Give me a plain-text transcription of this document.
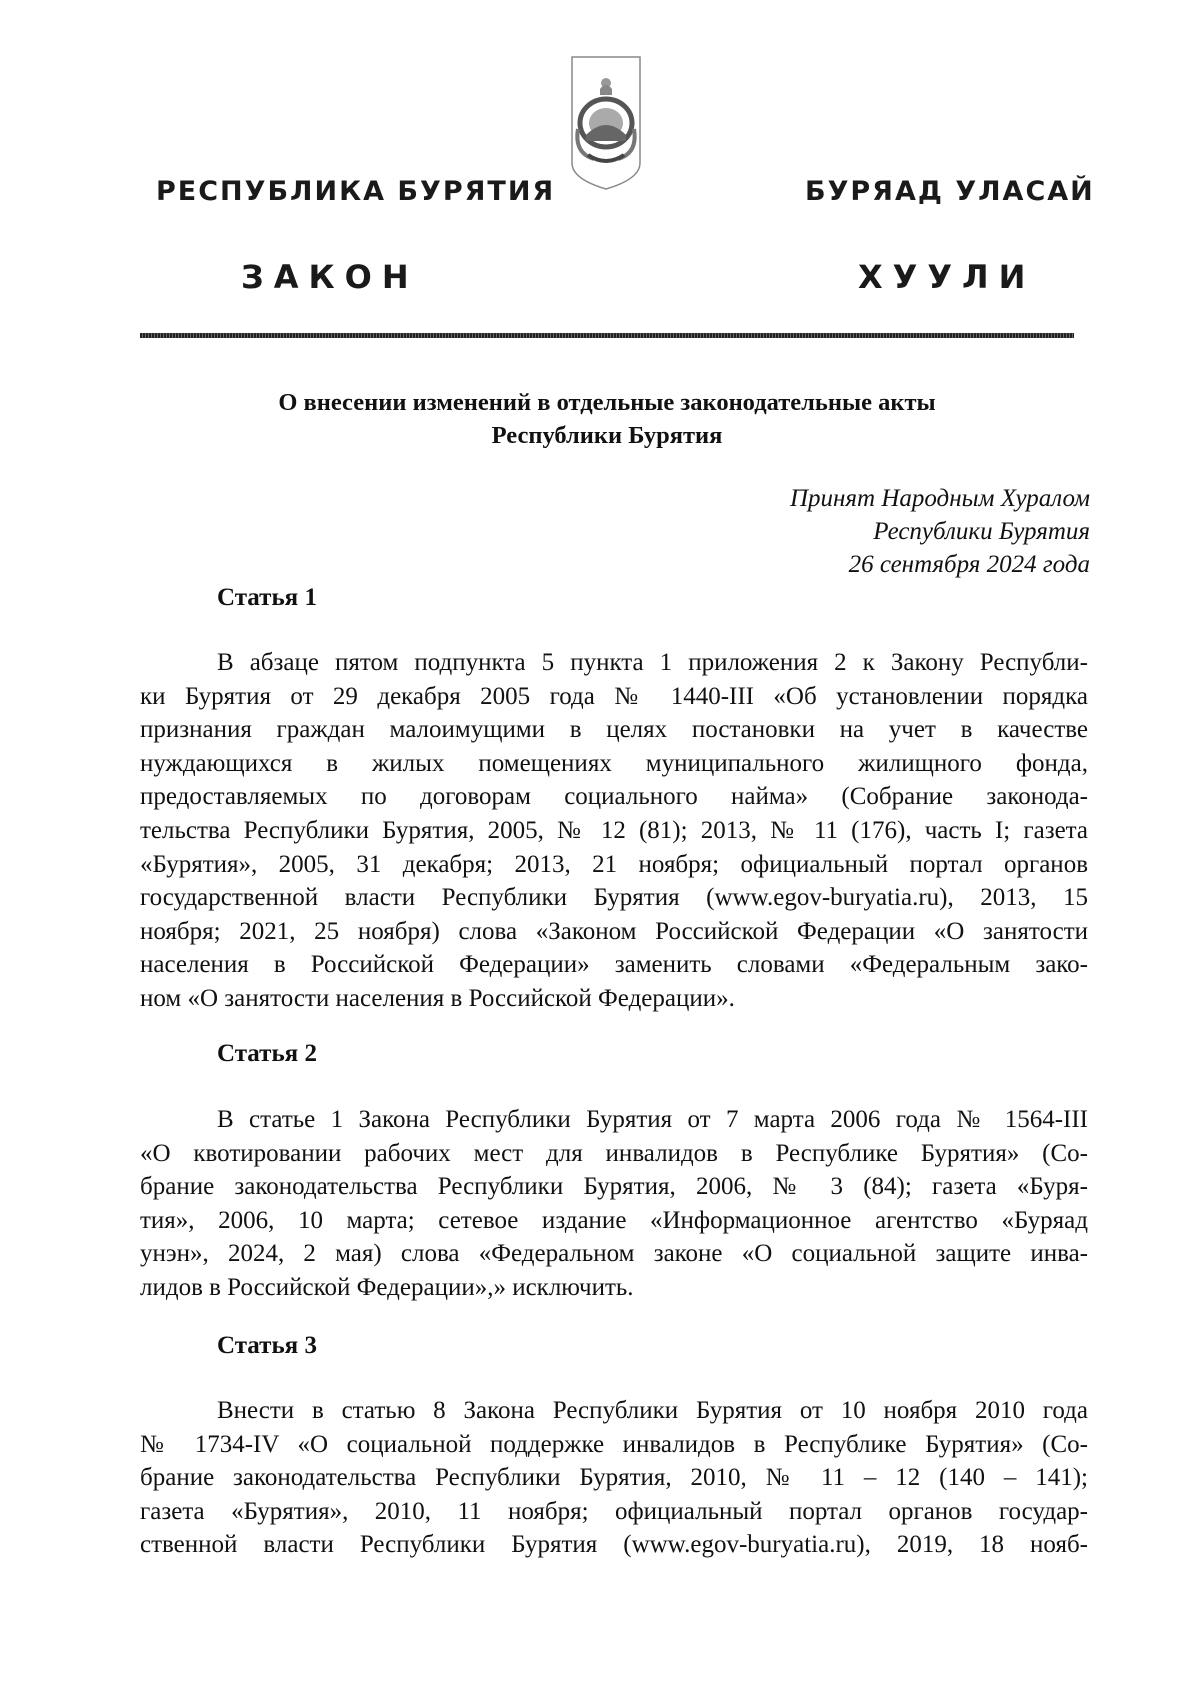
РЕСПУБЛИКА БУРЯТИЯ	БУРЯАД УЛАСАЙ
ЗАКОН	ХУУЛИ
О внесении изменений в отдельные законодательные акты
Республики Бурятия
Принят Народным Хуралом
Республики Бурятия
26 сентября 2024 года
Статья 1
В абзаце пятом подпункта 5 пункта 1 приложения 2 к Закону Республи-
ки Бурятия от 29 декабря 2005 года № 1440-III «Об установлении порядка
признания граждан малоимущими в целях постановки на учет в качестве
нуждающихся в жилых помещениях муниципального жилищного фонда,
предоставляемых по договорам социального найма» (Собрание законода-
тельства Республики Бурятия, 2005, № 12 (81); 2013, № 11 (176), часть I; газета
«Бурятия», 2005, 31 декабря; 2013, 21 ноября; официальный портал органов
государственной власти Республики Бурятия (www.egov-buryatia.ru), 2013, 15
ноября; 2021, 25 ноября) слова «Законом Российской Федерации «О занятости
населения в Российской Федерации» заменить словами «Федеральным зако-
ном «О занятости населения в Российской Федерации».
Статья 2
В статье 1 Закона Республики Бурятия от 7 марта 2006 года № 1564-III
«О квотировании рабочих мест для инвалидов в Республике Бурятия» (Со-
брание законодательства Республики Бурятия, 2006, № 3 (84); газета «Буря-
тия», 2006, 10 марта; сетевое издание «Информационное агентство «Буряад
унэн», 2024, 2 мая) слова «Федеральном законе «О социальной защите инва-
лидов в Российской Федерации»,» исключить.
Статья 3
Внести в статью 8 Закона Республики Бурятия от 10 ноября 2010 года
№ 1734-IV «О социальной поддержке инвалидов в Республике Бурятия» (Со-
брание законодательства Республики Бурятия, 2010, № 11 – 12 (140 – 141);
газета «Бурятия», 2010, 11 ноября; официальный портал органов государ-
ственной власти Республики Бурятия (www.egov-buryatia.ru), 2019, 18 нояб-
